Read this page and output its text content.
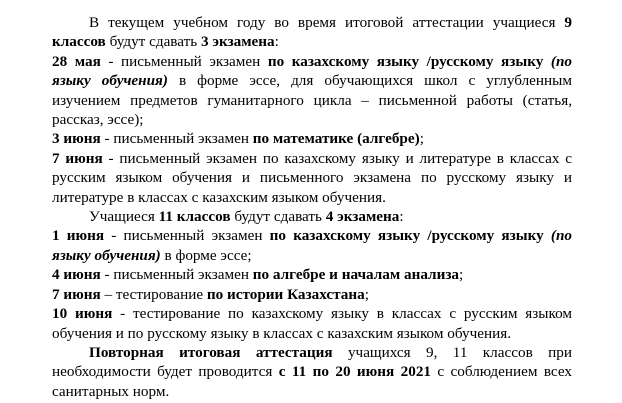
В текущем учебном году во время итоговой аттестации учащиеся 9 классов будут сдавать 3 экзамена:

28 мая - письменный экзамен по казахскому языку /русскому языку (по языку обучения) в форме эссе, для обучающихся школ с углубленным изучением предметов гуманитарного цикла – письменной работы (статья, рассказ, эссе);

3 июня - письменный экзамен по математике (алгебре);

7 июня - письменный экзамен по казахскому языку и литературе в классах с русским языком обучения и письменного экзамена по русскому языку и литературе в классах с казахским языком обучения.

Учащиеся 11 классов будут сдавать 4 экзамена:

1 июня - письменный экзамен по казахскому языку /русскому языку (по языку обучения) в форме эссе;

4 июня - письменный экзамен по алгебре и началам анализа;

7 июня – тестирование по истории Казахстана;

10 июня - тестирование по казахскому языку в классах с русским языком обучения и по русскому языку в классах с казахским языком обучения.

Повторная итоговая аттестация учащихся 9, 11 классов при необходимости будет проводится с 11 по 20 июня 2021 с соблюдением всех санитарных норм.
